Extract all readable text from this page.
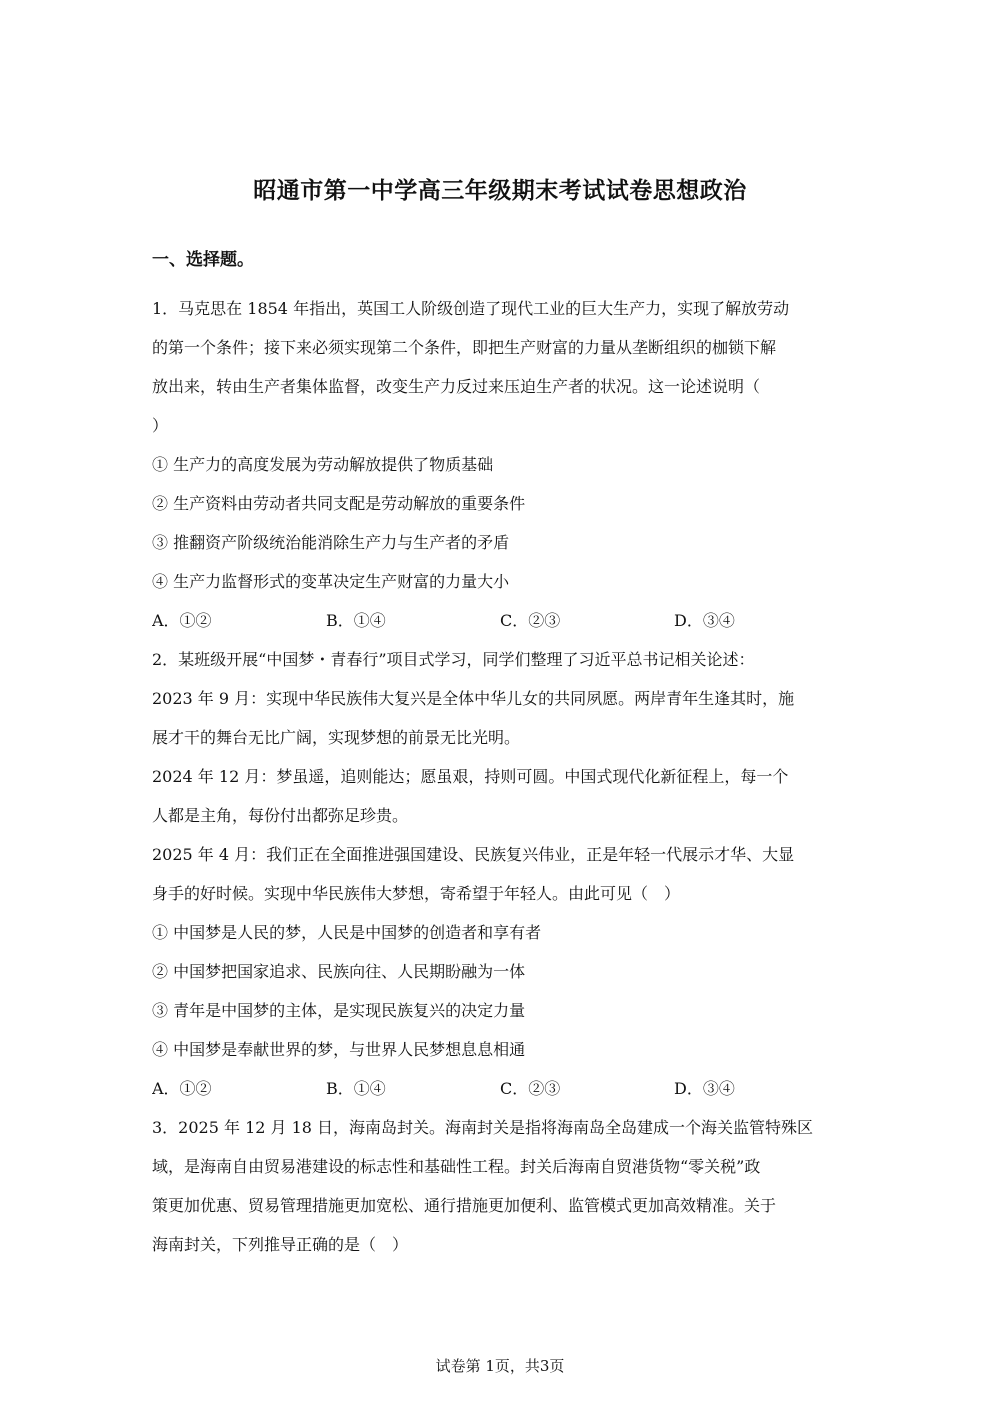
昭通市第一中学高三年级期末考试试卷思想政治
一、选择题。
1．马克思在 1854 年指出，英国工人阶级创造了现代工业的巨大生产力，实现了解放劳动
的第一个条件；接下来必须实现第二个条件，即把生产财富的力量从垄断组织的枷锁下解
放出来，转由生产者集体监督，改变生产力反过来压迫生产者的状况。这一论述说明（
）
① 生产力的高度发展为劳动解放提供了物质基础
② 生产资料由劳动者共同支配是劳动解放的重要条件
③ 推翻资产阶级统治能消除生产力与生产者的矛盾
④ 生产力监督形式的变革决定生产财富的力量大小
A．①②	B．①④	C．②③	D．③④
2．某班级开展“中国梦・青春行”项目式学习，同学们整理了习近平总书记相关论述：
2023 年 9 月：实现中华民族伟大复兴是全体中华儿女的共同夙愿。两岸青年生逢其时，施
展才干的舞台无比广阔，实现梦想的前景无比光明。
2024 年 12 月：梦虽遥，追则能达；愿虽艰，持则可圆。中国式现代化新征程上，每一个
人都是主角，每份付出都弥足珍贵。
2025 年 4 月：我们正在全面推进强国建设、民族复兴伟业，正是年轻一代展示才华、大显
身手的好时候。实现中华民族伟大梦想，寄希望于年轻人。由此可见（　）
① 中国梦是人民的梦，人民是中国梦的创造者和享有者
② 中国梦把国家追求、民族向往、人民期盼融为一体
③ 青年是中国梦的主体，是实现民族复兴的决定力量
④ 中国梦是奉献世界的梦，与世界人民梦想息息相通
A．①②	B．①④	C．②③	D．③④
3．2025 年 12 月 18 日，海南岛封关。海南封关是指将海南岛全岛建成一个海关监管特殊区
域，是海南自由贸易港建设的标志性和基础性工程。封关后海南自贸港货物“零关税”政
策更加优惠、贸易管理措施更加宽松、通行措施更加便利、监管模式更加高效精准。关于
海南封关，下列推导正确的是（　）
试卷第 1页，共3页
